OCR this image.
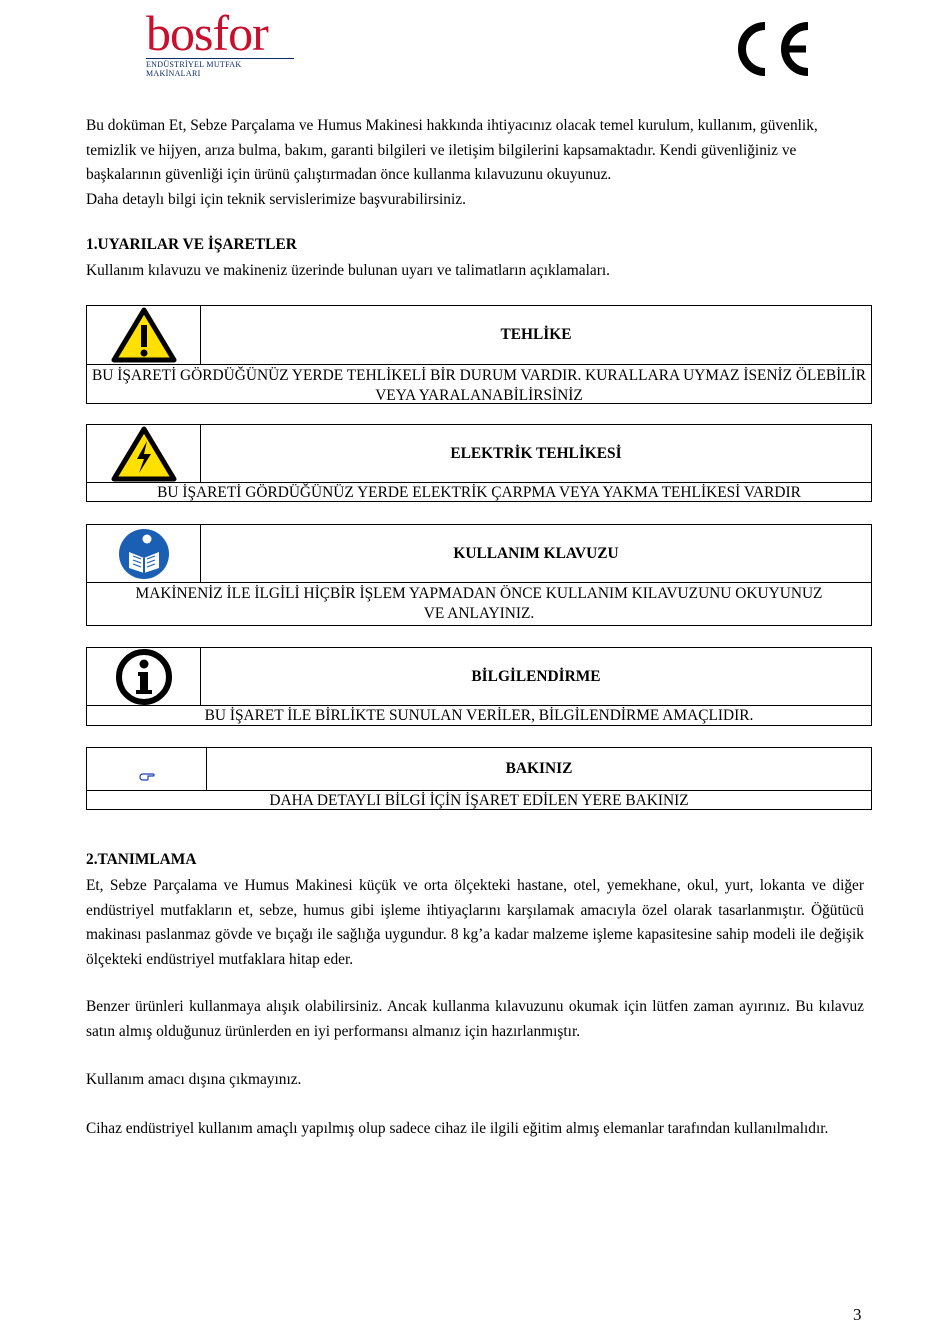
bosfor
ENDÜSTRİYEL MUTFAK MAKİNALARI

Bu doküman Et, Sebze Parçalama ve Humus Makinesi hakkında ihtiyacınız olacak temel kurulum, kullanım, güvenlik, temizlik ve hijyen, arıza bulma, bakım, garanti bilgileri ve iletişim bilgilerini kapsamaktadır. Kendi güvenliğiniz ve başkalarının güvenliği için ürünü çalıştırmadan önce kullanma kılavuzunu okuyunuz.
Daha detaylı bilgi için teknik servislerimize başvurabilirsiniz.

1.UYARILAR VE İŞARETLER

Kullanım kılavuzu ve makineniz üzerinde bulunan uyarı ve talimatların açıklamaları.

TEHLİKE
BU İŞARETİ GÖRDÜĞÜNÜZ YERDE TEHLİKELİ BİR DURUM VARDIR. KURALLARA UYMAZ İSENİZ ÖLEBİLİR VEYA YARALANABİLİRSİNİZ
ELEKTRİK TEHLİKESİ
BU İŞARETİ GÖRDÜĞÜNÜZ YERDE ELEKTRİK ÇARPMA VEYA YAKMA TEHLİKESİ VARDIR
KULLANIM KLAVUZU
MAKİNENİZ İLE İLGİLİ HİÇBİR İŞLEM YAPMADAN ÖNCE KULLANIM KILAVUZUNU OKUYUNUZ VE ANLAYINIZ.
BİLGİLENDİRME
BU İŞARET İLE BİRLİKTE SUNULAN VERİLER, BİLGİLENDİRME AMAÇLIDIR.
BAKINIZ
DAHA DETAYLI BİLGİ İÇİN İŞARET EDİLEN YERE BAKINIZ

2.TANIMLAMA

Et, Sebze Parçalama ve Humus Makinesi küçük ve orta ölçekteki hastane, otel, yemekhane, okul, yurt, lokanta ve diğer endüstriyel mutfakların et, sebze, humus gibi işleme ihtiyaçlarını karşılamak amacıyla özel olarak tasarlanmıştır. Öğütücü makinası paslanmaz gövde ve bıçağı ile sağlığa uygundur. 8 kg’a kadar malzeme işleme kapasitesine sahip modeli ile değişik ölçekteki endüstriyel mutfaklara hitap eder.

Benzer ürünleri kullanmaya alışık olabilirsiniz. Ancak kullanma kılavuzunu okumak için lütfen zaman ayırınız. Bu kılavuz satın almış olduğunuz ürünlerden en iyi performansı almanız için hazırlanmıştır.

Kullanım amacı dışına çıkmayınız.

Cihaz endüstriyel kullanım amaçlı yapılmış olup sadece cihaz ile ilgili eğitim almış elemanlar tarafından kullanılmalıdır.

3
